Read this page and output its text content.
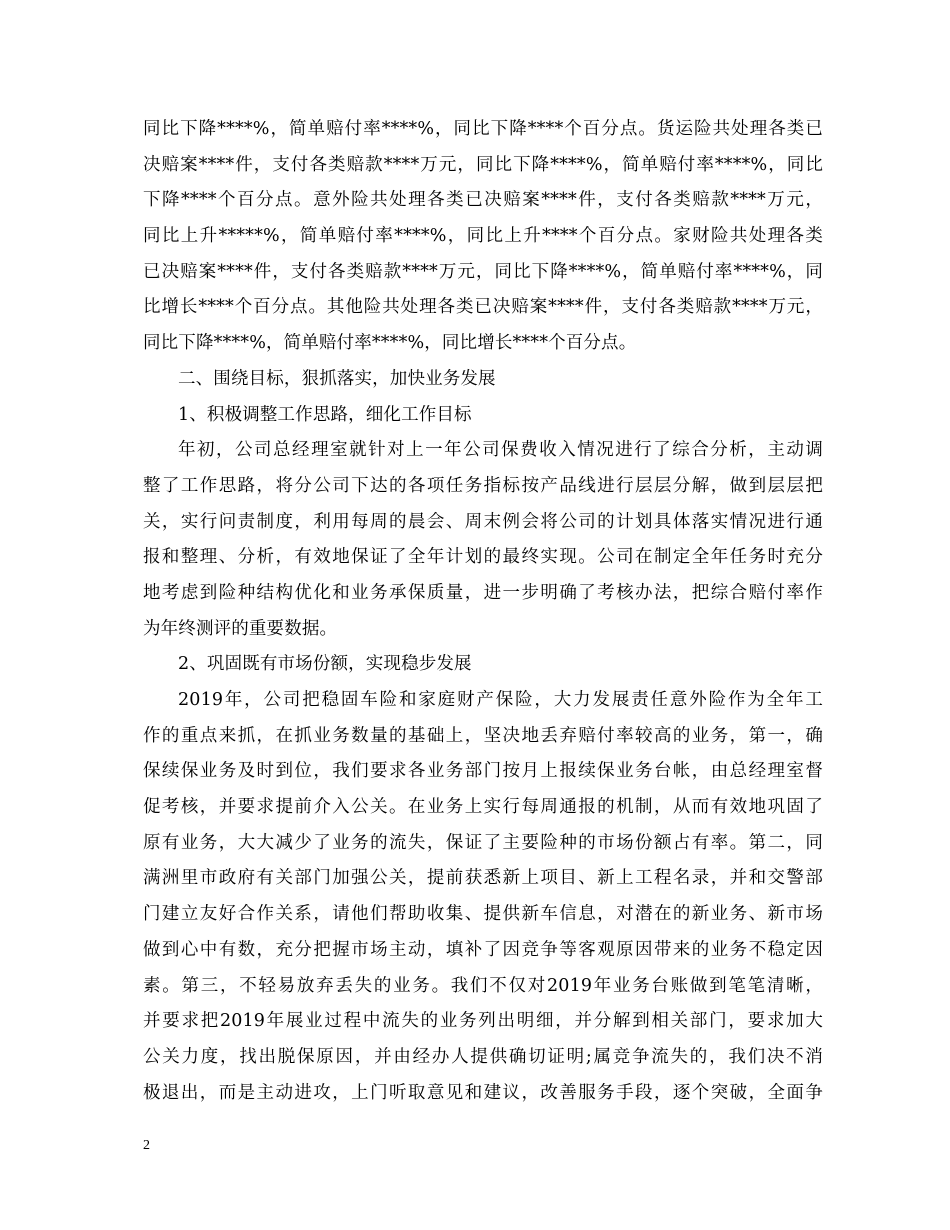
同比下降****%，简单赔付率****%，同比下降****个百分点。货运险共处理各类已
决赔案****件，支付各类赔款****万元，同比下降****%，简单赔付率****%，同比
下降****个百分点。意外险共处理各类已决赔案****件，支付各类赔款****万元，
同比上升*****%，简单赔付率****%，同比上升****个百分点。家财险共处理各类
已决赔案****件，支付各类赔款****万元，同比下降****%，简单赔付率****%，同
比增长****个百分点。其他险共处理各类已决赔案****件，支付各类赔款****万元，
同比下降****%，简单赔付率****%，同比增长****个百分点。
二、围绕目标，狠抓落实，加快业务发展
1、积极调整工作思路，细化工作目标
年初，公司总经理室就针对上一年公司保费收入情况进行了综合分析，主动调
整了工作思路，将分公司下达的各项任务指标按产品线进行层层分解，做到层层把
关，实行问责制度，利用每周的晨会、周末例会将公司的计划具体落实情况进行通
报和整理、分析，有效地保证了全年计划的最终实现。公司在制定全年任务时充分
地考虑到险种结构优化和业务承保质量，进一步明确了考核办法，把综合赔付率作
为年终测评的重要数据。
2、巩固既有市场份额，实现稳步发展
2019年，公司把稳固车险和家庭财产保险，大力发展责任意外险作为全年工
作的重点来抓，在抓业务数量的基础上，坚决地丢弃赔付率较高的业务，第一，确
保续保业务及时到位，我们要求各业务部门按月上报续保业务台帐，由总经理室督
促考核，并要求提前介入公关。在业务上实行每周通报的机制，从而有效地巩固了
原有业务，大大减少了业务的流失，保证了主要险种的市场份额占有率。第二，同
满洲里市政府有关部门加强公关，提前获悉新上项目、新上工程名录，并和交警部
门建立友好合作关系，请他们帮助收集、提供新车信息，对潜在的新业务、新市场
做到心中有数，充分把握市场主动，填补了因竞争等客观原因带来的业务不稳定因
素。第三，不轻易放弃丢失的业务。我们不仅对2019年业务台账做到笔笔清晰，
并要求把2019年展业过程中流失的业务列出明细，并分解到相关部门，要求加大
公关力度，找出脱保原因，并由经办人提供确切证明;属竞争流失的，我们决不消
极退出，而是主动进攻，上门听取意见和建议，改善服务手段，逐个突破，全面争
2
